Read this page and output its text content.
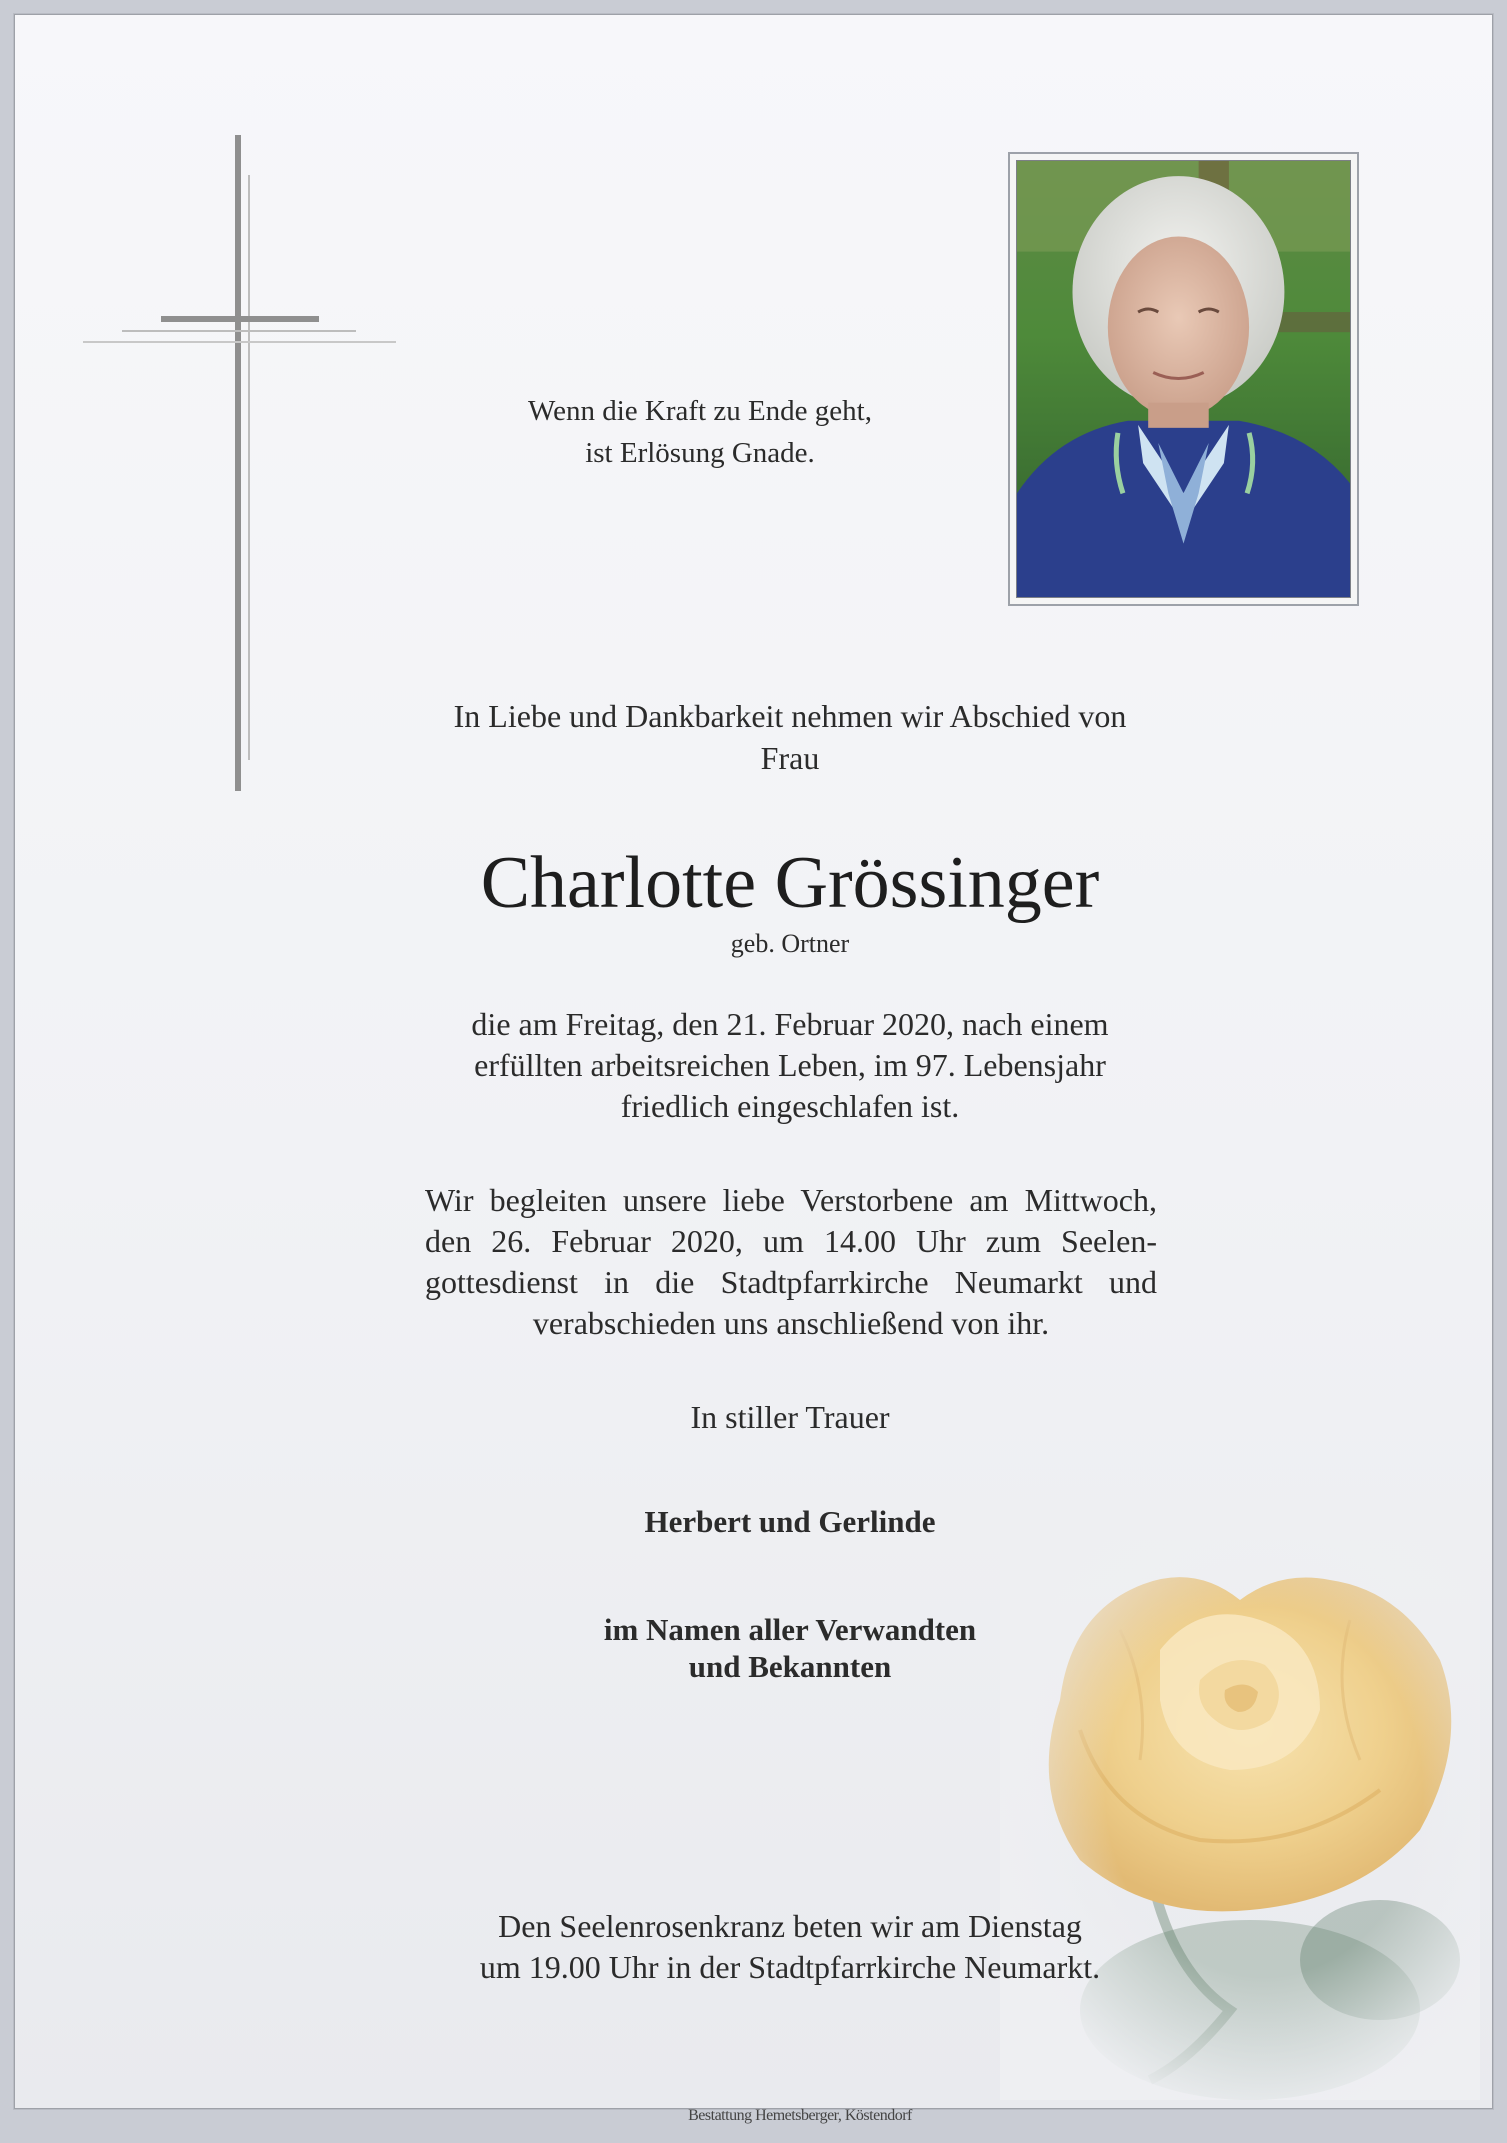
Wenn die Kraft zu Ende geht,
ist Erlösung Gnade.
In Liebe und Dankbarkeit nehmen wir Abschied von
Frau
Charlotte Grössinger
geb. Ortner
die am Freitag, den 21. Februar 2020, nach einem
erfüllten arbeitsreichen Leben, im 97. Lebensjahr
friedlich eingeschlafen ist.
Wir begleiten unsere liebe Verstorbene am Mittwoch,
den 26. Februar 2020, um 14.00 Uhr zum Seelen-
gottesdienst in die Stadtpfarrkirche Neumarkt und
verabschieden uns anschließend von ihr.
In stiller Trauer
Herbert und Gerlinde
im Namen aller Verwandten
und Bekannten
Den Seelenrosenkranz beten wir am Dienstag
um 19.00 Uhr in der Stadtpfarrkirche Neumarkt.
Bestattung Hemetsberger, Köstendorf
